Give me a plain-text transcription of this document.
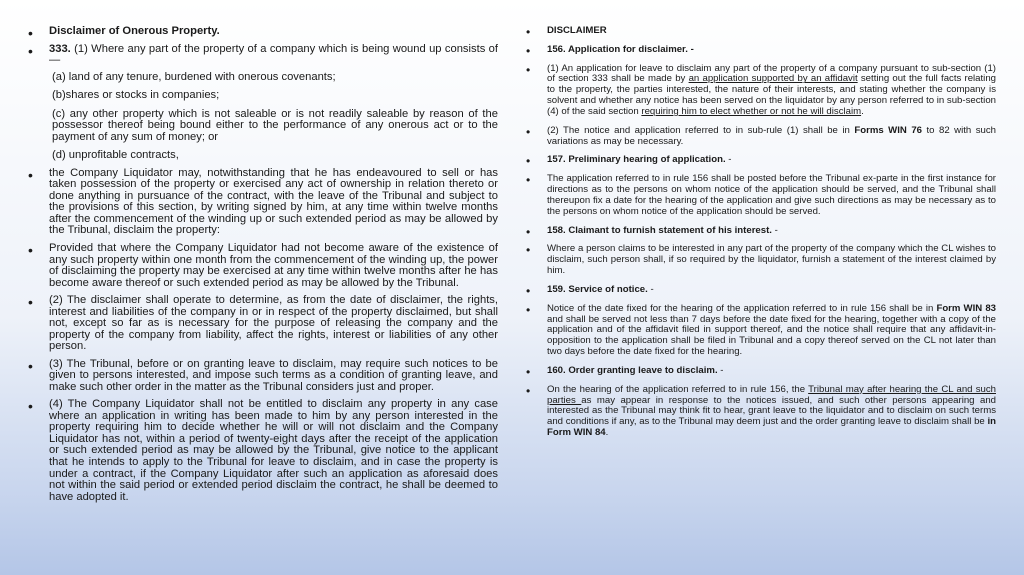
• Disclaimer of Onerous Property.
• 333. (1) Where any part of the property of a company which is being wound up consists of—

(a) land of any tenure, burdened with onerous covenants;

(b)shares or stocks in companies;

(c) any other property which is not saleable or is not readily saleable by reason of the possessor thereof being bound either to the performance of any onerous act or to the payment of any sum of money; or

(d) unprofitable contracts,

• the Company Liquidator may, notwithstanding that he has endeavoured to sell or has taken possession of the property or exercised any act of ownership in relation thereto or done anything in pursuance of the contract, with the leave of the Tribunal and subject to the provisions of this section, by writing signed by him, at any time within twelve months after the commencement of the winding up or such extended period as may be allowed by the Tribunal, disclaim the property:
• Provided that where the Company Liquidator had not become aware of the existence of any such property within one month from the commencement of the winding up, the power of disclaiming the property may be exercised at any time within twelve months after he has become aware thereof or such extended period as may be allowed by the Tribunal.
• (2) The disclaimer shall operate to determine, as from the date of disclaimer, the rights, interest and liabilities of the company in or in respect of the property disclaimed, but shall not, except so far as is necessary for the purpose of releasing the company and the property of the company from liability, affect the rights, interest or liabilities of any other person.
• (3) The Tribunal, before or on granting leave to disclaim, may require such notices to be given to persons interested, and impose such terms as a condition of granting leave, and make such other order in the matter as the Tribunal considers just and proper.
• (4) The Company Liquidator shall not be entitled to disclaim any property in any case where an application in writing has been made to him by any person interested in the property requiring him to decide whether he will or will not disclaim and the Company Liquidator has not, within a period of twenty-eight days after the receipt of the application or such extended period as may be allowed by the Tribunal, give notice to the applicant that he intends to apply to the Tribunal for leave to disclaim, and in case the property is under a contract, if the Company Liquidator after such an application as aforesaid does not within the said period or extended period disclaim the contract, he shall be deemed to have adopted it.
• DISCLAIMER
• 156. Application for disclaimer. -
• (1) An application for leave to disclaim any part of the property of a company pursuant to sub-section (1) of section 333 shall be made by an application supported by an affidavit setting out the full facts relating to the property, the parties interested, the nature of their interests, and stating whether the company is solvent and whether any notice has been served on the liquidator by any person referred to in sub-section (4) of the said section requiring him to elect whether or not he will disclaim.
• (2) The notice and application referred to in sub-rule (1) shall be in Forms WIN 76 to 82 with such variations as may be necessary.
• 157. Preliminary hearing of application. -
• The application referred to in rule 156 shall be posted before the Tribunal ex-parte in the first instance for directions as to the persons on whom notice of the application should be served, and the Tribunal shall thereupon fix a date for the hearing of the application and give such directions as may be necessary as to the persons on whom notice of the application should be served.
• 158. Claimant to furnish statement of his interest. -
• Where a person claims to be interested in any part of the property of the company which the CL wishes to disclaim, such person shall, if so required by the liquidator, furnish a statement of the interest claimed by him.
• 159. Service of notice. -
• Notice of the date fixed for the hearing of the application referred to in rule 156 shall be in Form WIN 83 and shall be served not less than 7 days before the date fixed for the hearing, together with a copy of the application and of the affidavit filed in support thereof, and the notice shall require that any affidavit-in-opposition to the application shall be filed in Tribunal and a copy thereof served on the CL not later than two days before the date fixed for the hearing.
• 160. Order granting leave to disclaim. -
• On the hearing of the application referred to in rule 156, the Tribunal may after hearing the CL and such parties as may appear in response to the notices issued, and such other persons appearing and interested as the Tribunal may think fit to hear, grant leave to the liquidator and to disclaim on such terms and conditions if any, as to the Tribunal may deem just and the order granting leave to disclaim shall be in Form WIN 84.
